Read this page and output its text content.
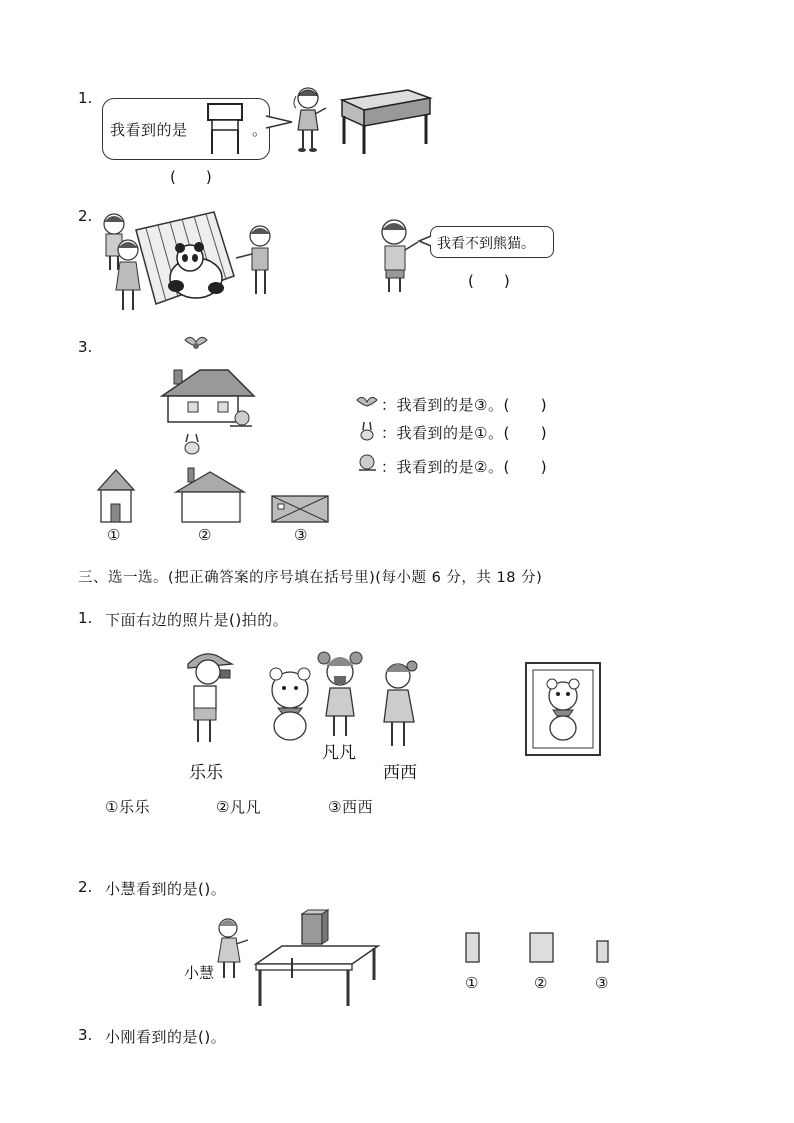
1.
我看到的是	。
(　　)
2.
我看不到熊猫。
(　　)
3.
：我看到的是③。(　　)
：我看到的是①。(　　)
：我看到的是②。(　　)
①	②	③
三、选一选。(把正确答案的序号填在括号里)(每小题 6 分，共 18 分)
1. 下面右边的照片是()拍的。
乐乐
凡凡
西西
①乐乐	②凡凡	③西西
2. 小慧看到的是()。
小慧
①	②	③
3. 小刚看到的是()。
